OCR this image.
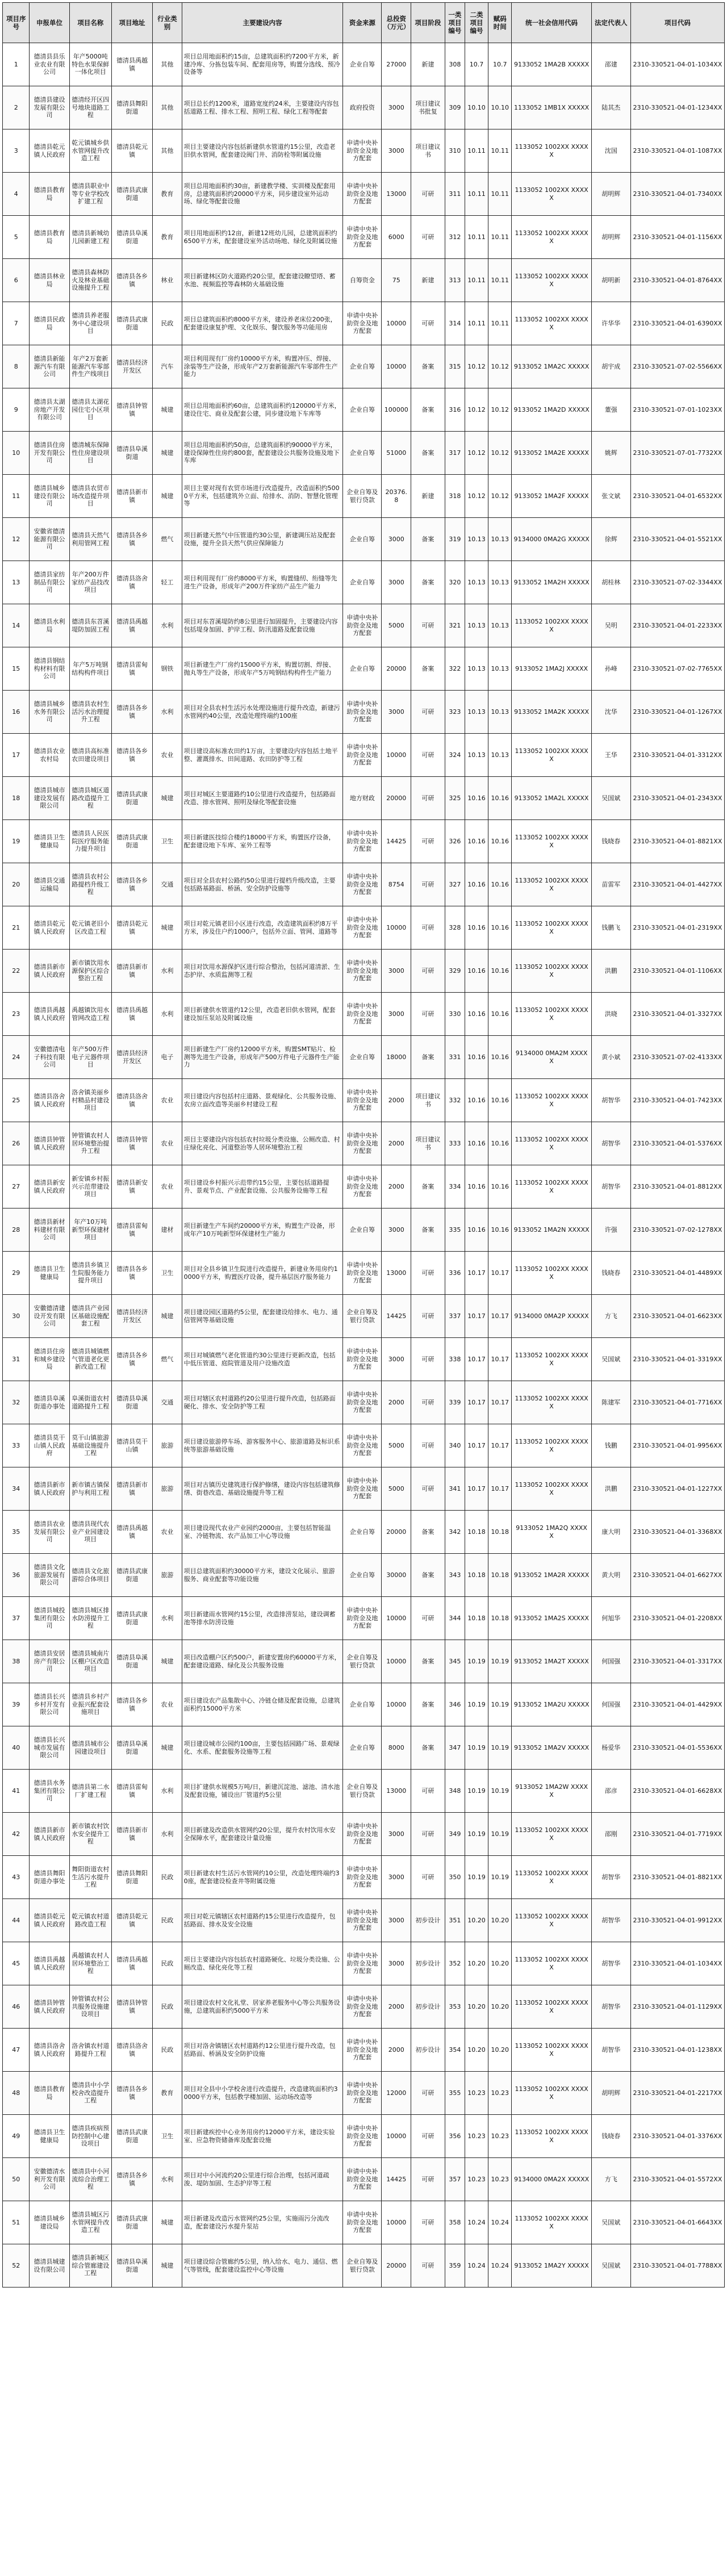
项目序号	申报单位	项目名称	项目地址	行业类别	主要建设内容	资金来源	总投资（万元）	项目阶段	一类项目编号	二类项目编号	赋码时间	统一社会信用代码	法定代表人	项目代码
1	德清县县乐业农业有限公司	年产5000吨特色水果保鲜一体化项目	德清县禹越镇	其他	项目总用地面积约15亩，总建筑面积约7200平方米，新建冷库、分拣包装车间、配套用房等，购置分选线、预冷设备等	企业自筹	27000	新建	308	10.7	10.7	9133052 1MA2B XXXXX	邵建	2310-330521-04-01-1034XX
2	德清县建设发展有限公司	德清经开区四号地块道路工程	德清县舞阳街道	其他	项目总长约1200米，道路宽度约24米，主要建设内容包括道路工程、排水工程、照明工程、绿化工程等配套	政府投资	3000	项目建议书批复	309	10.10	10.10	1133052 1MB1X XXXXX	陆其杰	2310-330521-04-01-1234XX
3	德清县乾元镇人民政府	乾元镇城乡供水管网提升改造工程	德清县乾元镇	其他	项目主要建设内容包括新建供水管道约15公里，改造老旧供水管网，配套建设阀门井、消防栓等附属设施	申请中央补助资金及地方配套	3000	项目建议书	310	10.11	10.11	1133052 1002XX XXXXX	沈国	2310-330521-04-01-1087XX
4	德清县教育局	德清县职业中等专业学校改扩建工程	德清县武康街道	教育	项目总用地面积约30亩，新建教学楼、实训楼及配套用房，总建筑面积约20000平方米，同步建设室外运动场、绿化等配套设施	申请中央补助资金及地方配套	13000	可研	311	10.11	10.11	1133052 1002XX XXXXX	胡明辉	2310-330521-04-01-7340XX
5	德清县教育局	德清县新城幼儿园新建工程	德清县阜溪街道	教育	项目用地面积约12亩，新建12班幼儿园，总建筑面积约6500平方米，配套建设室外活动场地、绿化及附属设施	申请中央补助资金及地方配套	6000	可研	312	10.11	10.11	1133052 1002XX XXXXX	胡明辉	2310-330521-04-01-1156XX
6	德清县林业局	德清县森林防火及林业基础设施提升工程	德清县各乡镇	林业	项目新建林区防火道路约20公里，配套建设瞭望塔、蓄水池、视频监控等森林防火基础设施	自筹资金	75	新建	313	10.11	10.11	1133052 1002XX XXXXX	胡明新	2310-330521-04-01-8764XX
7	德清县民政局	德清县养老服务中心建设项目	德清县武康街道	民政	项目总建筑面积约8000平方米，建设养老床位200张，配套建设康复护理、文化娱乐、餐饮服务等功能用房	申请中央补助资金及地方配套	10000	可研	314	10.11	10.11	1133052 1002XX XXXXX	许华华	2310-330521-04-01-6390XX
8	德清县新能源汽车有限公司	年产2万套新能源汽车零部件生产线项目	德清县经济开发区	汽车	项目利用现有厂房约10000平方米，购置冲压、焊接、涂装等生产设备，形成年产2万套新能源汽车零部件生产能力	企业自筹	10000	备案	315	10.12	10.12	9133052 1MA2C XXXXX	胡宇成	2310-330521-07-02-5566XX
9	德清县太湖房地产开发有限公司	德清县太湖花园住宅小区项目	德清县钟管镇	城建	项目总用地面积约60亩，总建筑面积约120000平方米，建设住宅、商业及配套公建，同步建设地下车库等	企业自筹	100000	备案	316	10.12	10.12	9133052 1MA2D XXXXX	董强	2310-330521-07-01-1023XX
10	德清县住房开发有限公司	德清城东保障性住房建设项目	德清县阜溪街道	城建	项目总用地面积约50亩，总建筑面积约90000平方米，建设保障性住房约800套，配套建设公共服务设施及地下车库	企业自筹	51000	备案	317	10.12	10.12	9133052 1MA2E XXXXX	姚辉	2310-330521-07-01-7732XX
11	德清县城乡建设有限公司	德清县农贸市场改造提升项目	德清县新市镇	城建	项目主要对现有农贸市场进行改造提升，改造面积约5000平方米，包括建筑外立面、给排水、消防、智慧化管理等	企业自筹及银行贷款	20376.8	新建	318	10.12	10.12	9133052 1MA2F XXXXX	张文斌	2310-330521-04-01-6532XX
12	安徽省德清能源有限公司	德清县天然气利用管网工程	德清县各乡镇	燃气	项目新建天然气中压管道约30公里，新建调压站及配套设施，提升全县天然气供应保障能力	企业自筹	3000	备案	319	10.13	10.13	9134000 0MA2G XXXXX	徐辉	2310-330521-04-01-5521XX
13	德清县家纺制品有限公司	年产200万件家纺产品技改项目	德清县洛舍镇	轻工	项目利用现有厂房约8000平方米，购置缝纫、绗缝等先进生产设备，形成年产200万件家纺产品生产能力	企业自筹	3000	备案	320	10.13	10.13	9133052 1MA2H XXXXX	胡桂林	2310-330521-07-02-3344XX
14	德清县水利局	德清县东苕溪堤防加固工程	德清县禹越镇	水利	项目对东苕溪堤防约8公里进行加固提升，主要建设内容包括堤身加固、护岸工程、防汛道路及配套设施	申请中央补助资金及地方配套	5000	可研	321	10.13	10.13	1133052 1002XX XXXXX	吴明	2310-330521-04-01-2233XX
15	德清县钢结构材料有限公司	年产5万吨钢结构构件项目	德清县雷甸镇	钢铁	项目新建生产厂房约15000平方米，购置切割、焊接、抛丸等生产设备，形成年产5万吨钢结构构件生产能力	企业自筹	20000	备案	322	10.13	10.13	9133052 1MA2J XXXXX	孙峰	2310-330521-07-02-7765XX
16	德清县城乡水务有限公司	德清县农村生活污水治理提升工程	德清县各乡镇	水利	项目对全县农村生活污水处理设施进行提升改造，新建污水管网约40公里，改造处理终端约100座	申请中央补助资金及地方配套	3000	可研	323	10.13	10.13	9133052 1MA2K XXXXX	沈华	2310-330521-04-01-1267XX
17	德清县农业农村局	德清县高标准农田建设项目	德清县各乡镇	农业	项目建设高标准农田约1万亩，主要建设内容包括土地平整、灌溉排水、田间道路、农田防护等工程	申请中央补助资金及地方配套	10000	可研	324	10.13	10.13	1133052 1002XX XXXXX	王华	2310-330521-04-01-3312XX
18	德清县城市建设发展有限公司	德清县城区道路改造提升工程	德清县武康街道	城建	项目对城区主要道路约10公里进行改造提升，包括路面改造、排水管网、照明及绿化等配套设施	地方财政	20000	可研	325	10.16	10.16	9133052 1MA2L XXXXX	吴国斌	2310-330521-04-01-2343XX
19	德清县卫生健康局	德清县人民医院医疗服务能力提升项目	德清县武康街道	卫生	项目新建医技综合楼约18000平方米，购置医疗设备，配套建设地下车库、室外工程等	申请中央补助资金及地方配套	14425	可研	326	10.16	10.16	1133052 1002XX XXXXX	钱晓春	2310-330521-04-01-8821XX
20	德清县交通运输局	德清县农村公路提档升级工程	德清县各乡镇	交通	项目对全县农村公路约50公里进行提档升级改造，主要包括路基路面、桥涵、安全防护设施等	申请中央补助资金及地方配套	8754	可研	327	10.16	10.16	1133052 1002XX XXXXX	苗雷军	2310-330521-04-01-4427XX
21	德清县乾元镇人民政府	乾元镇老旧小区改造工程	德清县乾元镇	城建	项目对乾元镇老旧小区进行改造，改造建筑面积约8万平方米，涉及住户约1000户，包括外立面、管网、道路等	申请中央补助资金及地方配套	10000	可研	328	10.16	10.16	1133052 1002XX XXXXX	钱鹏飞	2310-330521-04-01-2319XX
22	德清县新市镇人民政府	新市镇饮用水源保护区综合整治工程	德清县新市镇	水利	项目对饮用水源保护区进行综合整治，包括河道清淤、生态护岸、水质监测等工程	申请中央补助资金及地方配套	3000	可研	329	10.16	10.16	1133052 1002XX XXXXX	洪鹏	2310-330521-04-01-1106XX
23	德清县禹越镇人民政府	禹越镇饮用水管网改造工程	德清县禹越镇	水利	项目新建供水管道约12公里，改造老旧供水管网，配套建设加压泵站及附属设施	申请中央补助资金及地方配套	3000	可研	330	10.16	10.16	1133052 1002XX XXXXX	洪晓	2310-330521-04-01-3327XX
24	安徽德清电子科技有限公司	年产500万件电子元器件项目	德清县经济开发区	电子	项目新建生产厂房约12000平方米，购置SMT贴片、检测等先进生产设备，形成年产500万件电子元器件生产能力	企业自筹	18000	备案	331	10.16	10.16	9134000 0MA2M XXXXX	黄小斌	2310-330521-07-02-4133XX
25	德清县洛舍镇人民政府	洛舍镇美丽乡村精品村建设项目	德清县洛舍镇	农业	项目建设内容包括村庄道路、景观绿化、公共服务设施、农房立面改造等美丽乡村建设工程	申请中央补助资金及地方配套	2000	项目建议书	332	10.16	10.16	1133052 1002XX XXXXX	胡智华	2310-330521-04-01-7423XX
26	德清县钟管镇人民政府	钟管镇农村人居环境整治提升工程	德清县钟管镇	农业	项目主要建设内容包括农村垃圾分类设施、公厕改造、村庄绿化亮化、河道整治等人居环境整治工程	申请中央补助资金及地方配套	2000	项目建议书	333	10.16	10.16	1133052 1002XX XXXXX	胡智华	2310-330521-04-01-5376XX
27	德清县新安镇人民政府	新安镇乡村振兴示范带建设项目	德清县新安镇	农业	项目建设乡村振兴示范带约15公里，主要包括道路提升、景观节点、产业配套设施、公共服务设施等工程	申请中央补助资金及地方配套	2000	备案	334	10.16	10.16	1133052 1002XX XXXXX	胡智华	2310-330521-04-01-8812XX
28	德清县新材料建材有限公司	年产10万吨新型环保建材项目	德清县雷甸镇	建材	项目新建生产车间约20000平方米，购置生产设备，形成年产10万吨新型环保建材生产能力	企业自筹	3000	备案	335	10.16	10.16	9133052 1MA2N XXXXX	许强	2310-330521-07-02-1278XX
29	德清县卫生健康局	德清县乡镇卫生院服务能力提升项目	德清县各乡镇	卫生	项目对全县乡镇卫生院进行改造提升，新建业务用房约10000平方米，购置医疗设备，提升基层医疗服务能力	申请中央补助资金及地方配套	13000	可研	336	10.17	10.17	1133052 1002XX XXXXX	钱晓春	2310-330521-04-01-4489XX
30	安徽德清建设开发有限公司	德清县产业园区基础设施配套工程	德清县经济开发区	城建	项目建设园区道路约5公里，配套建设给排水、电力、通信管网等基础设施	企业自筹及银行贷款	14425	可研	337	10.17	10.17	9134000 0MA2P XXXXX	方飞	2310-330521-04-01-6623XX
31	德清县住房和城乡建设局	德清县城镇燃气管道老化更新改造工程	德清县各乡镇	燃气	项目对城镇燃气老化管道约30公里进行更新改造，包括中低压管道、庭院管道及用户设施改造	申请中央补助资金及地方配套	3000	可研	338	10.17	10.17	1133052 1002XX XXXXX	吴国斌	2310-330521-04-01-3319XX
32	德清县阜溪街道办事处	阜溪街道农村道路提升工程	德清县阜溪街道	交通	项目对辖区农村道路约20公里进行提升改造，包括路面硬化、排水、安全防护等工程	申请中央补助资金及地方配套	2000	可研	339	10.17	10.17	1133052 1002XX XXXXX	陈建军	2310-330521-04-01-7716XX
33	德清县莫干山镇人民政府	莫干山镇旅游基础设施提升工程	德清县莫干山镇	旅游	项目建设旅游停车场、游客服务中心、旅游道路及标识系统等旅游基础设施	申请中央补助资金及地方配套	5000	可研	340	10.17	10.17	1133052 1002XX XXXXX	钱鹏	2310-330521-04-01-9956XX
34	德清县新市镇人民政府	新市镇古镇保护与利用工程	德清县新市镇	旅游	项目对古镇历史建筑进行保护修缮，建设内容包括建筑修缮、街巷改造、基础设施提升等工程	申请中央补助资金及地方配套	5000	可研	341	10.17	10.17	1133052 1002XX XXXXX	洪鹏	2310-330521-04-01-1227XX
35	德清县农业发展有限公司	德清县现代农业产业园建设项目	德清县禹越镇	农业	项目建设现代农业产业园约2000亩，主要包括智能温室、冷链物流、农产品加工中心等设施	企业自筹	20000	备案	342	10.18	10.18	9133052 1MA2Q XXXXX	康大明	2310-330521-04-01-3368XX
36	德清县文化旅游发展有限公司	德清县文化旅游综合体项目	德清县武康街道	旅游	项目总建筑面积约30000平方米，建设文化展示、旅游服务、商业配套等功能设施	企业自筹	30000	备案	343	10.18	10.18	9133052 1MA2R XXXXX	黄大明	2310-330521-04-01-6627XX
37	德清县城投集团有限公司	德清县城区排水防涝提升工程	德清县武康街道	水利	项目新建雨水管网约15公里，改造排涝泵站，建设调蓄池等排水防涝设施	申请中央补助资金及地方配套	10000	可研	344	10.18	10.18	9133052 1MA2S XXXXX	何旭华	2310-330521-04-01-2208XX
38	德清县安居房产有限公司	德清县城南片区棚户区改造项目	德清县阜溪街道	城建	项目改造棚户区约500户，新建安置房约60000平方米，配套建设道路、绿化及公共服务设施	企业自筹及银行贷款	10000	备案	345	10.19	10.19	9133052 1MA2T XXXXX	何国强	2310-330521-04-01-3317XX
39	德清县长兴乡村开发有限公司	德清县乡村产业振兴配套设施项目	德清县各乡镇	农业	项目建设农产品集散中心、冷链仓储及配套设施，总建筑面积约15000平方米	企业自筹	10000	备案	346	10.19	10.19	9133052 1MA2U XXXXX	何国强	2310-330521-04-01-4429XX
40	德清县长兴城市发展有限公司	德清县城市公园建设项目	德清县阜溪街道	城建	项目建设城市公园约100亩，主要包括园路广场、景观绿化、水系、配套服务设施等工程	企业自筹	8000	备案	347	10.19	10.19	9133052 1MA2V XXXXX	杨爱华	2310-330521-04-01-5536XX
41	德清县水务集团有限公司	德清县第二水厂扩建工程	德清县雷甸镇	水利	项目扩建供水规模5万吨/日，新建沉淀池、滤池、清水池及配套设施，铺设出厂管道约5公里	企业自筹及银行贷款	13000	可研	348	10.19	10.19	9133052 1MA2W XXXXX	邵彦	2310-330521-04-01-6628XX
42	德清县新市镇人民政府	新市镇农村饮水安全提升工程	德清县新市镇	水利	项目新建及改造供水管网约20公里，提升农村饮用水安全保障水平，配套建设计量设施	申请中央补助资金及地方配套	3000	可研	349	10.19	10.19	1133052 1002XX XXXXX	邵刚	2310-330521-04-01-7719XX
43	德清县舞阳街道办事处	舞阳街道农村生活污水提升工程	德清县舞阳街道	民政	项目新建农村生活污水管网约10公里，改造处理终端约30座，配套建设检查井等附属设施	申请中央补助资金及地方配套	3000	可研	350	10.19	10.19	1133052 1002XX XXXXX	胡智华	2310-330521-04-01-8821XX
44	德清县乾元镇人民政府	乾元镇农村道路改造工程	德清县乾元镇	民政	项目对乾元镇辖区农村道路约15公里进行改造提升，包括路面、排水及安全设施	申请中央补助资金及地方配套	3000	初步设计	351	10.20	10.20	1133052 1002XX XXXXX	胡智华	2310-330521-04-01-9912XX
45	德清县禹越镇人民政府	禹越镇农村人居环境整治工程	德清县禹越镇	民政	项目主要建设内容包括农村道路硬化、垃圾分类设施、公厕改造、绿化亮化等工程	申请中央补助资金及地方配套	3000	初步设计	352	10.20	10.20	1133052 1002XX XXXXX	胡智华	2310-330521-04-01-1034XX
46	德清县钟管镇人民政府	钟管镇农村公共服务设施建设项目	德清县钟管镇	民政	项目建设农村文化礼堂、居家养老服务中心等公共服务设施，总建筑面积约5000平方米	申请中央补助资金及地方配套	2000	初步设计	353	10.20	10.20	1133052 1002XX XXXXX	胡智华	2310-330521-04-01-1129XX
47	德清县洛舍镇人民政府	洛舍镇农村道路提升工程	德清县洛舍镇	民政	项目对洛舍镇辖区农村道路约12公里进行提升改造，包括路面、桥涵及安全防护设施	申请中央补助资金及地方配套	2000	初步设计	354	10.20	10.20	1133052 1002XX XXXXX	胡智华	2310-330521-04-01-1238XX
48	德清县教育局	德清县中小学校舍改造提升工程	德清县各乡镇	教育	项目对全县中小学校舍进行改造提升，改造建筑面积约30000平方米，包括教学楼加固、运动场改造等	申请中央补助资金及地方配套	12000	可研	355	10.23	10.23	1133052 1002XX XXXXX	胡明辉	2310-330521-04-01-2217XX
49	德清县卫生健康局	德清县疾病预防控制中心建设项目	德清县武康街道	卫生	项目新建疾控中心业务用房约12000平方米，建设实验室、应急物资储备库及配套设施	申请中央补助资金及地方配套	10000	可研	356	10.23	10.23	1133052 1002XX XXXXX	钱晓春	2310-330521-04-01-3376XX
50	安徽德清水利开发有限公司	德清县中小河流综合治理工程	德清县各乡镇	水利	项目对中小河流约20公里进行综合治理，包括河道疏浚、堤防加固、生态护岸等工程	申请中央补助资金及地方配套	14425	可研	357	10.23	10.23	9134000 0MA2X XXXXX	方飞	2310-330521-04-01-5572XX
51	德清县城乡建设局	德清县城区污水管网提升改造工程	德清县武康街道	城建	项目新建及改造污水管网约25公里，实施雨污分流改造，配套建设污水提升泵站	申请中央补助资金及地方配套	10000	可研	358	10.24	10.24	1133052 1002XX XXXXX	吴国斌	2310-330521-04-01-6643XX
52	德清县城建设有限公司	德清县新城区综合管廊建设工程	德清县阜溪街道	城建	项目建设综合管廊约5公里，纳入给水、电力、通信、燃气等管线，配套建设监控中心等设施	企业自筹及银行贷款	20000	可研	359	10.24	10.24	9133052 1MA2Y XXXXX	吴国斌	2310-330521-04-01-7788XX
